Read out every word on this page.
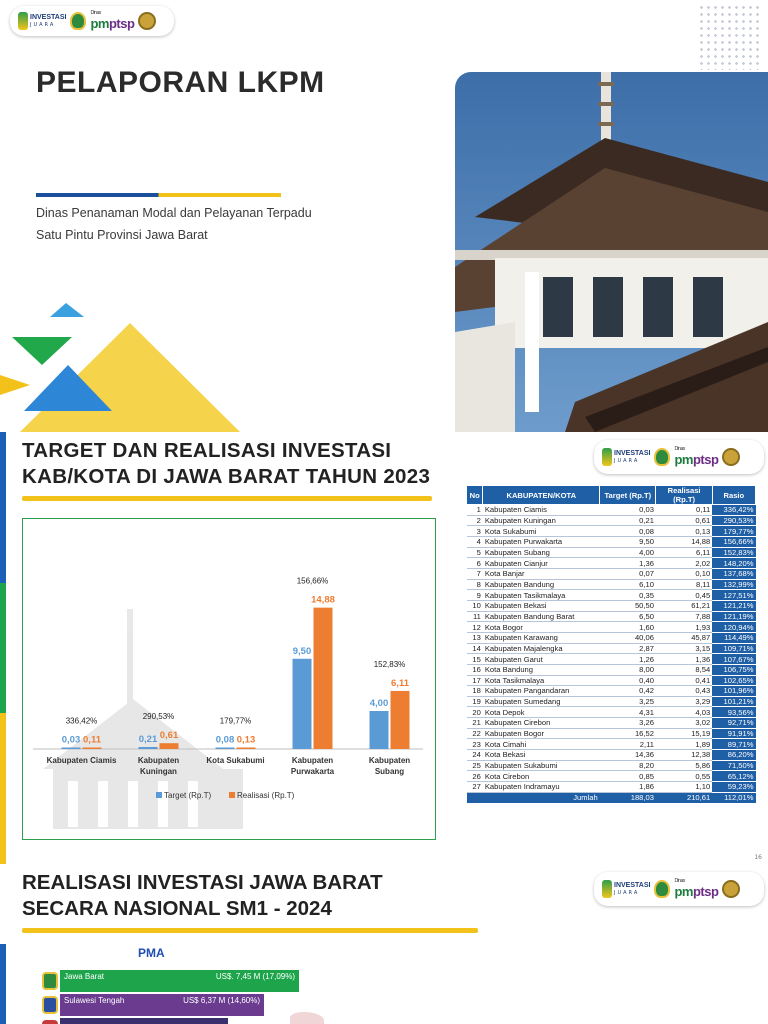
INVESTASI
JUARA
Dinas
pmptsp
PELAPORAN LKPM
Dinas Penanaman Modal dan Pelayanan Terpadu
Satu Pintu Provinsi Jawa Barat
TARGET DAN REALISASI INVESTASI
KAB/KOTA DI JAWA BARAT TAHUN 2023
0,03 0,11
336,42%
Kabupaten Ciamis
0,21 0,61
290,53%
Kabupaten
Kuningan
0,08 0,13
179,77%
Kota Sukabumi
9,50
14,88
156,66%
Kabupaten
Purwakarta
4,00
6,11
152,83%
Kabupaten
Subang
Target (Rp.T)	Realisasi (Rp.T)
INVESTASI
JUARA
Dinas
pmptsp
No	KABUPATEN/KOTA	Target (Rp.T)	Realisasi (Rp.T)	Rasio
1	Kabupaten Ciamis	0,03	0,11	336,42%
2	Kabupaten Kuningan	0,21	0,61	290,53%
3	Kota Sukabumi	0,08	0,13	179,77%
4	Kabupaten Purwakarta	9,50	14,88	156,66%
5	Kabupaten Subang	4,00	6,11	152,83%
6	Kabupaten Cianjur	1,36	2,02	148,20%
7	Kota Banjar	0,07	0,10	137,68%
8	Kabupaten Bandung	6,10	8,11	132,99%
9	Kabupaten Tasikmalaya	0,35	0,45	127,51%
10	Kabupaten Bekasi	50,50	61,21	121,21%
11	Kabupaten Bandung Barat	6,50	7,88	121,19%
12	Kota Bogor	1,60	1,93	120,94%
13	Kabupaten Karawang	40,06	45,87	114,49%
14	Kabupaten Majalengka	2,87	3,15	109,71%
15	Kabupaten Garut	1,26	1,36	107,67%
16	Kota Bandung	8,00	8,54	106,75%
17	Kota Tasikmalaya	0,40	0,41	102,65%
18	Kabupaten Pangandaran	0,42	0,43	101,96%
19	Kabupaten Sumedang	3,25	3,29	101,21%
20	Kota Depok	4,31	4,03	93,56%
21	Kabupaten Cirebon	3,26	3,02	92,71%
22	Kabupaten Bogor	16,52	15,19	91,91%
23	Kota Cimahi	2,11	1,89	89,71%
24	Kota Bekasi	14,36	12,38	86,20%
25	Kabupaten Sukabumi	8,20	5,86	71,50%
26	Kota Cirebon	0,85	0,55	65,12%
27	Kabupaten Indramayu	1,86	1,10	59,23%
Jumlah		188,03	210,61	112,01%
16
REALISASI INVESTASI JAWA BARAT
SECARA NASIONAL SM1 - 2024
INVESTASI
JUARA
Dinas
pmptsp
PMA
Jawa Barat	US$. 7,45 M (17,09%)
Sulawesi Tengah	US$ 6,37 M (14,60%)
